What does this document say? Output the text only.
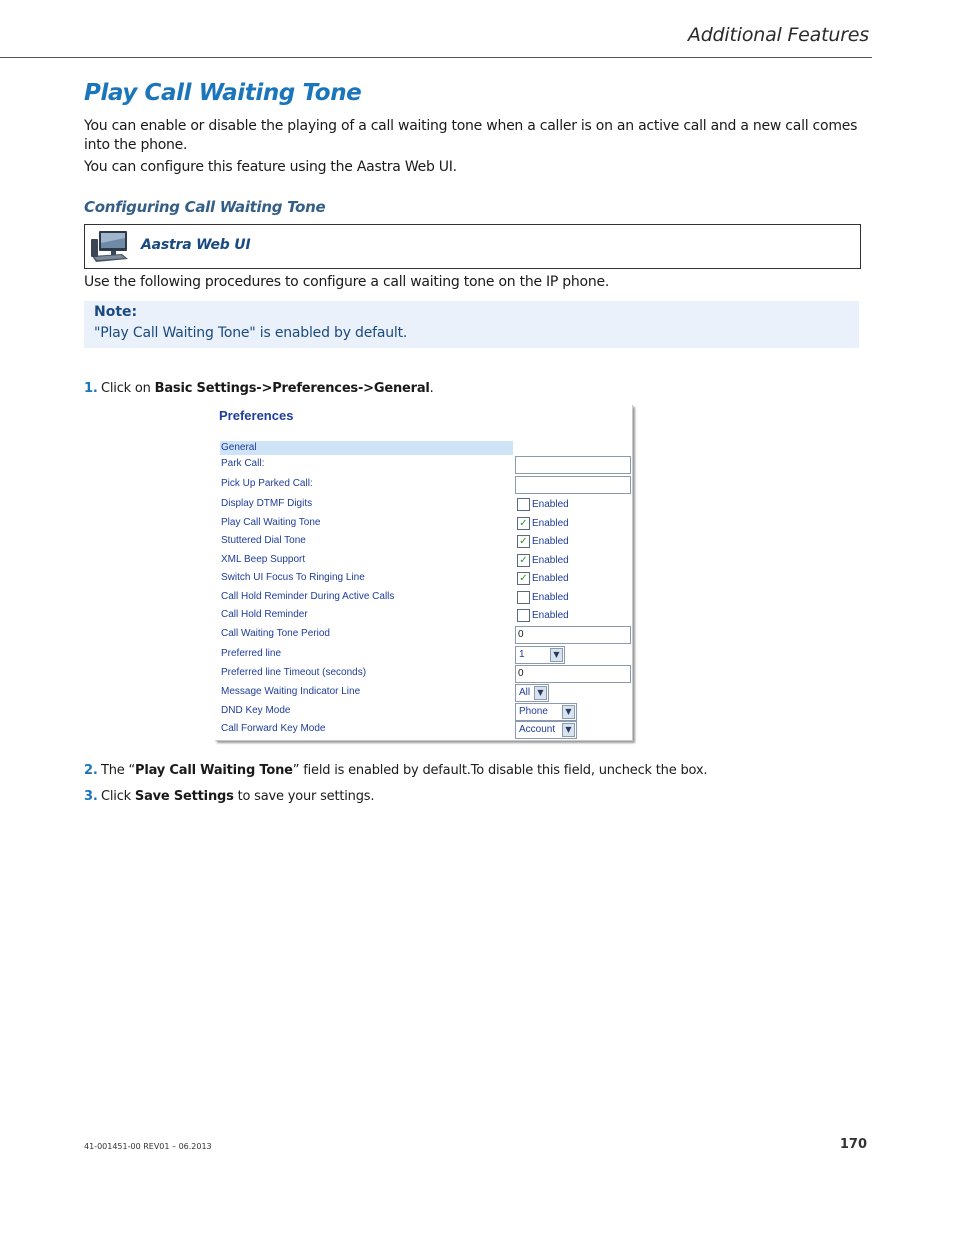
Additional Features
Play Call Waiting Tone
You can enable or disable the playing of a call waiting tone when a caller is on an active call and a new call comes into the phone.
You can configure this feature using the Aastra Web UI.
Configuring Call Waiting Tone
Aastra Web UI
Use the following procedures to configure a call waiting tone on the IP phone.
Note:
"Play Call Waiting Tone" is enabled by default.
1. Click on Basic Settings->Preferences->General.
Preferences
General
Park Call:
Pick Up Parked Call:
Display DTMF Digits	Enabled
Play Call Waiting Tone	✓ Enabled
Stuttered Dial Tone	✓ Enabled
XML Beep Support	✓ Enabled
Switch UI Focus To Ringing Line	✓ Enabled
Call Hold Reminder During Active Calls	Enabled
Call Hold Reminder	Enabled
Call Waiting Tone Period	0
Preferred line	1	▼
Preferred line Timeout (seconds)	0
Message Waiting Indicator Line	All ▼
DND Key Mode	Phone	▼
Call Forward Key Mode	Account	▼
2. The “Play Call Waiting Tone” field is enabled by default.To disable this field, uncheck the box.
3. Click Save Settings to save your settings.
41-001451-00 REV01 – 06.2013	170
